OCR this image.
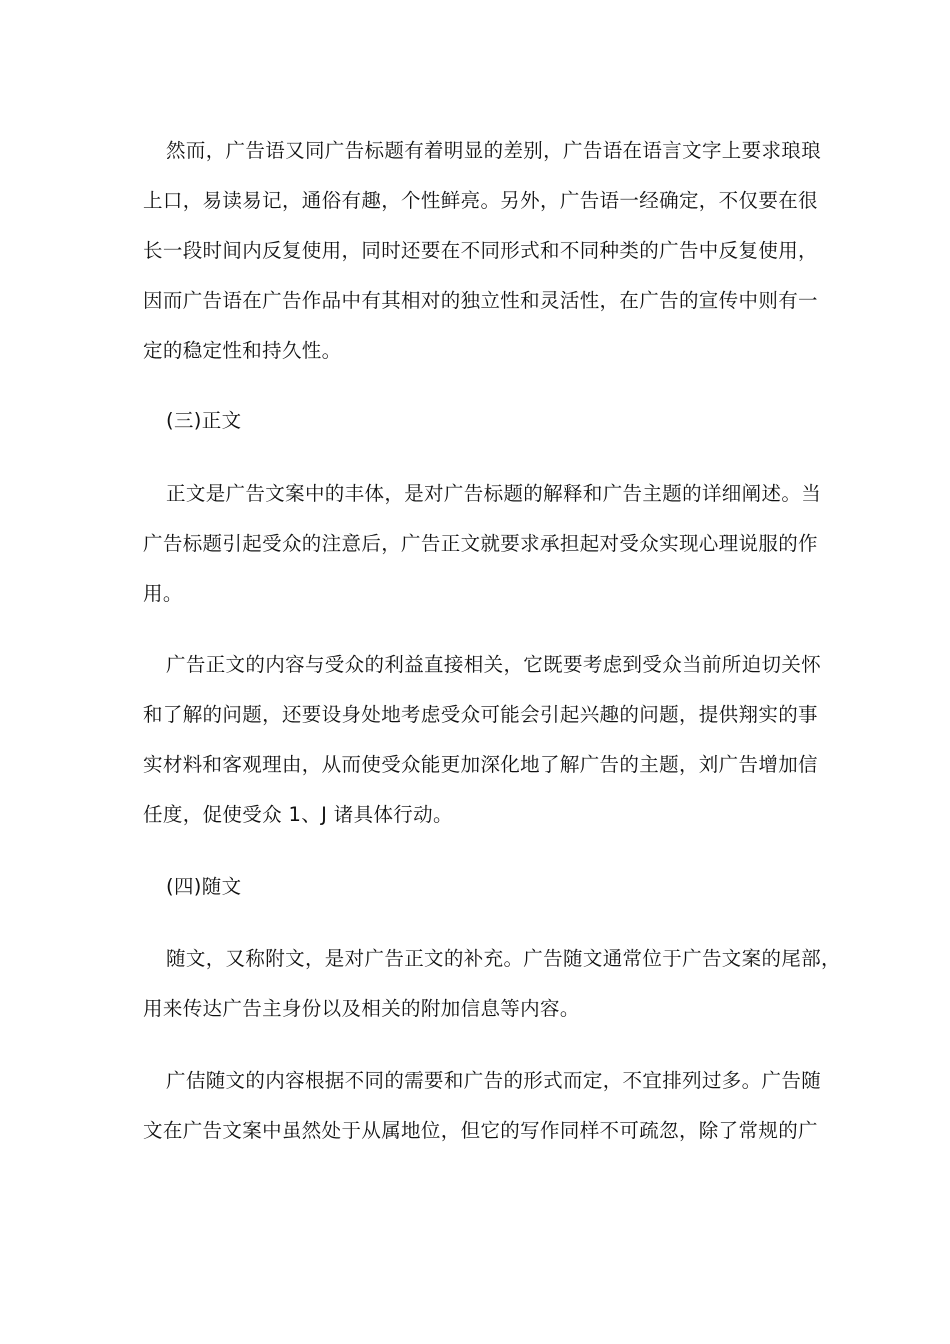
然而，广告语又同广告标题有着明显的差别，广告语在语言文字上要求琅琅
上口，易读易记，通俗有趣，个性鲜亮。另外，广告语一经确定，不仅要在很
长一段时间内反复使用，同时还要在不同形式和不同种类的广告中反复使用，
因而广告语在广告作品中有其相对的独立性和灵活性，在广告的宣传中则有一
定的稳定性和持久性。
(三)正文
正文是广告文案中的丰体，是对广告标题的解释和广告主题的详细阐述。当
广告标题引起受众的注意后，广告正文就要求承担起对受众实现心理说服的作
用。
广告正文的内容与受众的利益直接相关，它既要考虑到受众当前所迫切关怀
和了解的问题，还要设身处地考虑受众可能会引起兴趣的问题，提供翔实的事
实材料和客观理由，从而使受众能更加深化地了解广告的主题，刘广告增加信
任度，促使受众 1、J 诸具体行动。
(四)随文
随文，又称附文，是对广告正文的补充。广告随文通常位于广告文案的尾部，
用来传达广告主身份以及相关的附加信息等内容。
广佶随文的内容根据不同的需要和广告的形式而定，不宜排列过多。广告随
文在广告文案中虽然处于从属地位，但它的写作同样不可疏忽，除了常规的广
